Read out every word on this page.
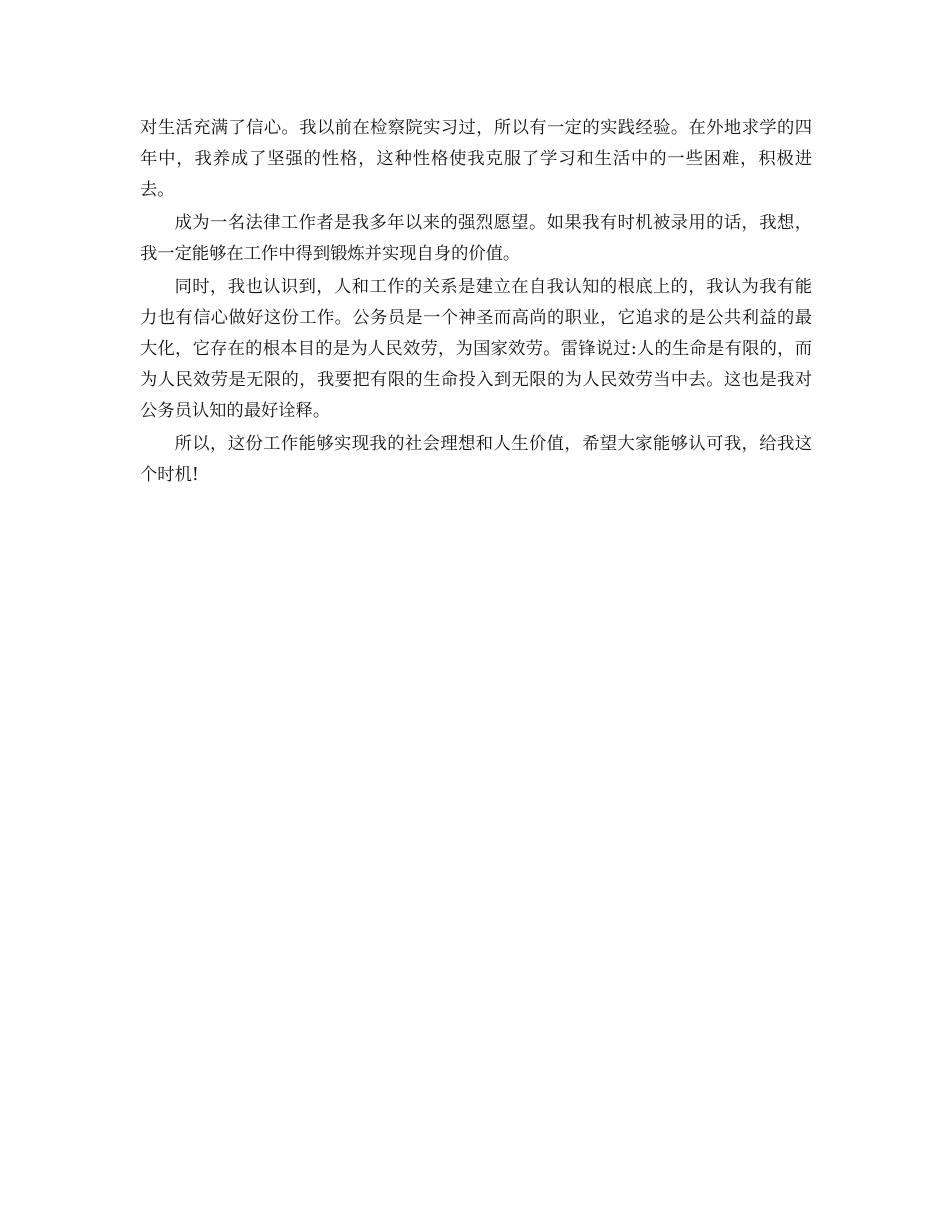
对生活充满了信心。我以前在检察院实习过，所以有一定的实践经验。在外地求学的四年中，我养成了坚强的性格，这种性格使我克服了学习和生活中的一些困难，积极进去。

成为一名法律工作者是我多年以来的强烈愿望。如果我有时机被录用的话，我想，我一定能够在工作中得到锻炼并实现自身的价值。

同时，我也认识到，人和工作的关系是建立在自我认知的根底上的，我认为我有能力也有信心做好这份工作。公务员是一个神圣而高尚的职业，它追求的是公共利益的最大化，它存在的根本目的是为人民效劳，为国家效劳。雷锋说过:人的生命是有限的，而为人民效劳是无限的，我要把有限的生命投入到无限的为人民效劳当中去。这也是我对公务员认知的最好诠释。

所以，这份工作能够实现我的社会理想和人生价值，希望大家能够认可我，给我这个时机!
